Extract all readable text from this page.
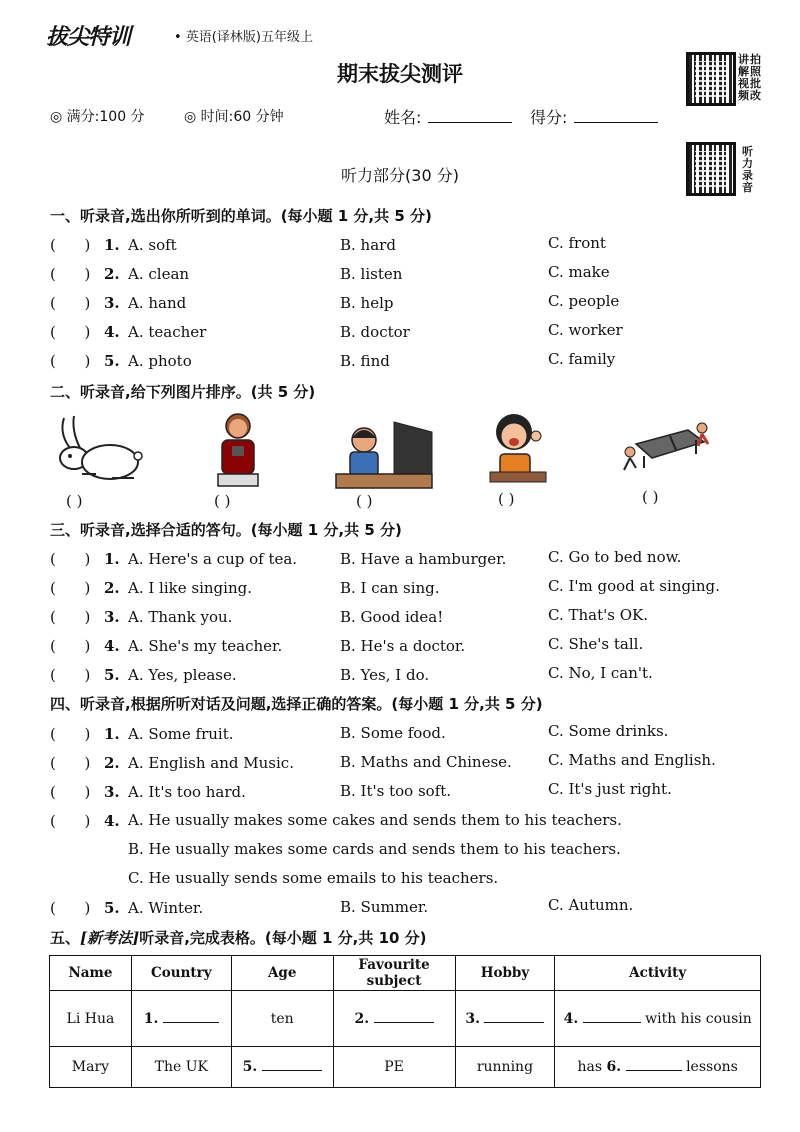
拔尖特训	• 英语(译林版)五年级上
期末拔尖测评
讲
解
视
频
拍
照
批
改
◎ 满分:100 分	◎ 时间:60 分钟	姓名:	得分:
听
力
录
音
听力部分(30 分)
一、听录音,选出你所听到的单词。(每小题 1 分,共 5 分)
(      ) 1. A. soft	B. hard	C. front
(      ) 2. A. clean	B. listen	C. make
(      ) 3. A. hand	B. help	C. people
(      ) 4. A. teacher	B. doctor	C. worker
(      ) 5. A. photo	B. find	C. family
二、听录音,给下列图片排序。(共 5 分)
( )	( )	( )	( )	( )
三、听录音,选择合适的答句。(每小题 1 分,共 5 分)
(      ) 1. A. Here's a cup of tea.	B. Have a hamburger.	C. Go to bed now.
(      ) 2. A. I like singing.	B. I can sing.	C. I'm good at singing.
(      ) 3. A. Thank you.	B. Good idea!	C. That's OK.
(      ) 4. A. She's my teacher.	B. He's a doctor.	C. She's tall.
(      ) 5. A. Yes, please.	B. Yes, I do.	C. No, I can't.
四、听录音,根据所听对话及问题,选择正确的答案。(每小题 1 分,共 5 分)
(      ) 1. A. Some fruit.	B. Some food.	C. Some drinks.
(      ) 2. A. English and Music.	B. Maths and Chinese. C. Maths and English.
(      ) 3. A. It's too hard.	B. It's too soft.	C. It's just right.
(      ) 4. A. He usually makes some cakes and sends them to his teachers.
B. He usually makes some cards and sends them to his teachers.
C. He usually sends some emails to his teachers.
(      ) 5. A. Winter.	B. Summer.	C. Autumn.
五、[新考法]听录音,完成表格。(每小题 1 分,共 10 分)
Name	Country	Age	Favourite subject	Hobby	Activity
Li Hua	1.	ten	2.	3.	4. with his cousin
Mary	The UK	5.	PE	running	has 6. lessons
